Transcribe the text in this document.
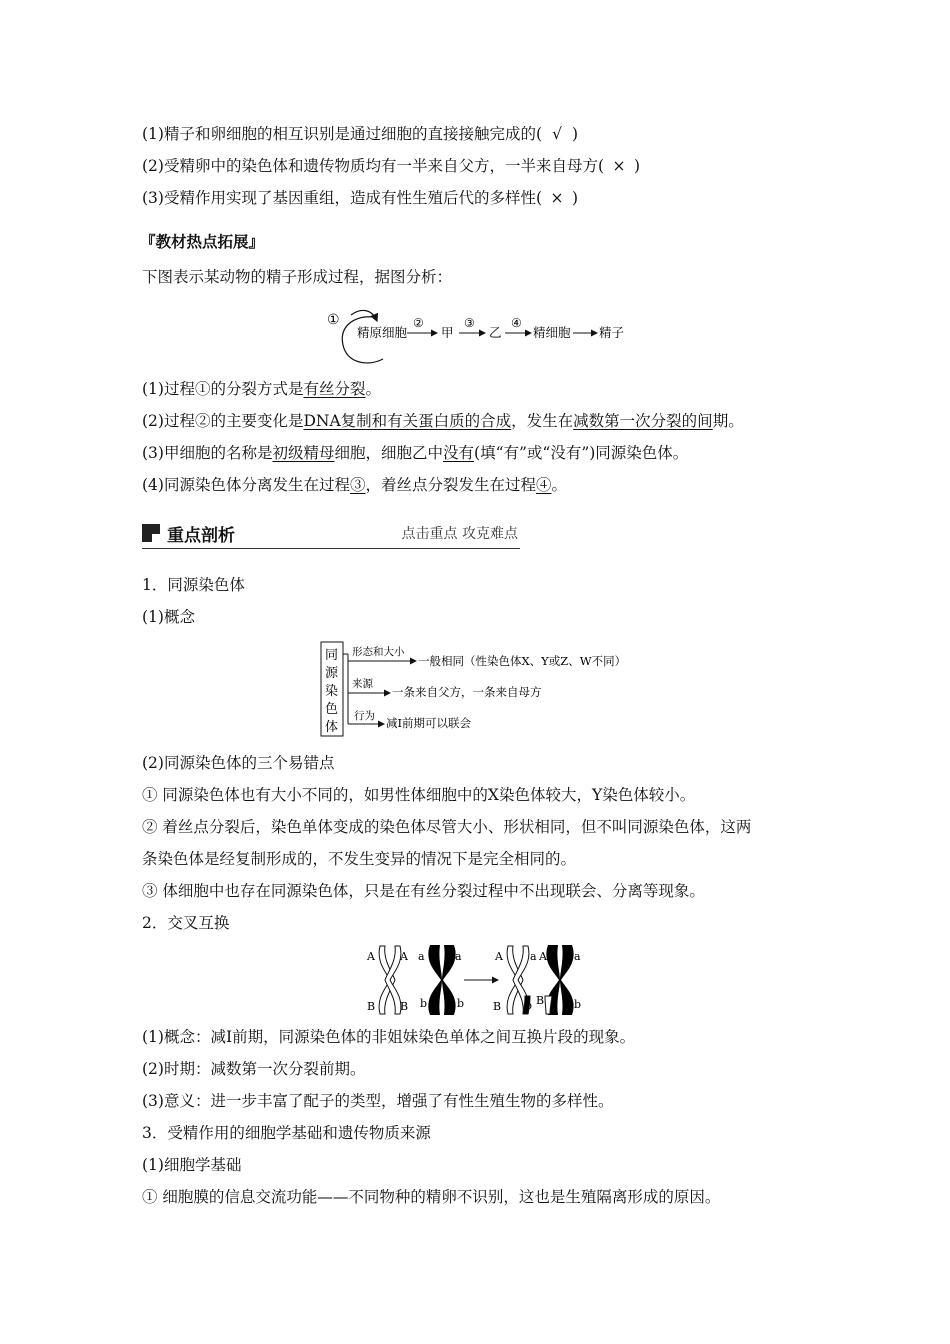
(1)精子和卵细胞的相互识别是通过细胞的直接接触完成的( √ )
(2)受精卵中的染色体和遗传物质均有一半来自父方，一半来自母方( × )
(3)受精作用实现了基因重组，造成有性生殖后代的多样性( × )
『教材热点拓展』
下图表示某动物的精子形成过程，据图分析：
①
精原细胞
②
甲
③
乙
④
精细胞 精子
(1)过程①的分裂方式是有丝分裂。
(2)过程②的主要变化是DNA复制和有关蛋白质的合成，发生在减数第一次分裂的间期。
(3)甲细胞的名称是初级精母细胞，细胞乙中没有(填“有”或“没有”)同源染色体。
(4)同源染色体分离发生在过程③，着丝点分裂发生在过程④。
重点剖析	点击重点 攻克难点
1．同源染色体
(1)概念
同
源
染
色
体
形态和大小
一般相同（性染色体X、Y或Z、W不同）
来源
一条来自父方，一条来自母方
行为 减Ⅰ前期可以联会
(2)同源染色体的三个易错点
① 同源染色体也有大小不同的，如男性体细胞中的X染色体较大，Y染色体较小。
② 着丝点分裂后，染色单体变成的染色体尽管大小、形状相同，但不叫同源染色体，这两
条染色体是经复制形成的，不发生变异的情况下是完全相同的。
③ 体细胞中也存在同源染色体，只是在有丝分裂过程中不出现联会、分离等现象。
2．交叉互换
A A
B B
a	a
b	b
A a
B b
A a
B	b
(1)概念：减Ⅰ前期，同源染色体的非姐妹染色单体之间互换片段的现象。
(2)时期：减数第一次分裂前期。
(3)意义：进一步丰富了配子的类型，增强了有性生殖生物的多样性。
3．受精作用的细胞学基础和遗传物质来源
(1)细胞学基础
① 细胞膜的信息交流功能——不同物种的精卵不识别，这也是生殖隔离形成的原因。
